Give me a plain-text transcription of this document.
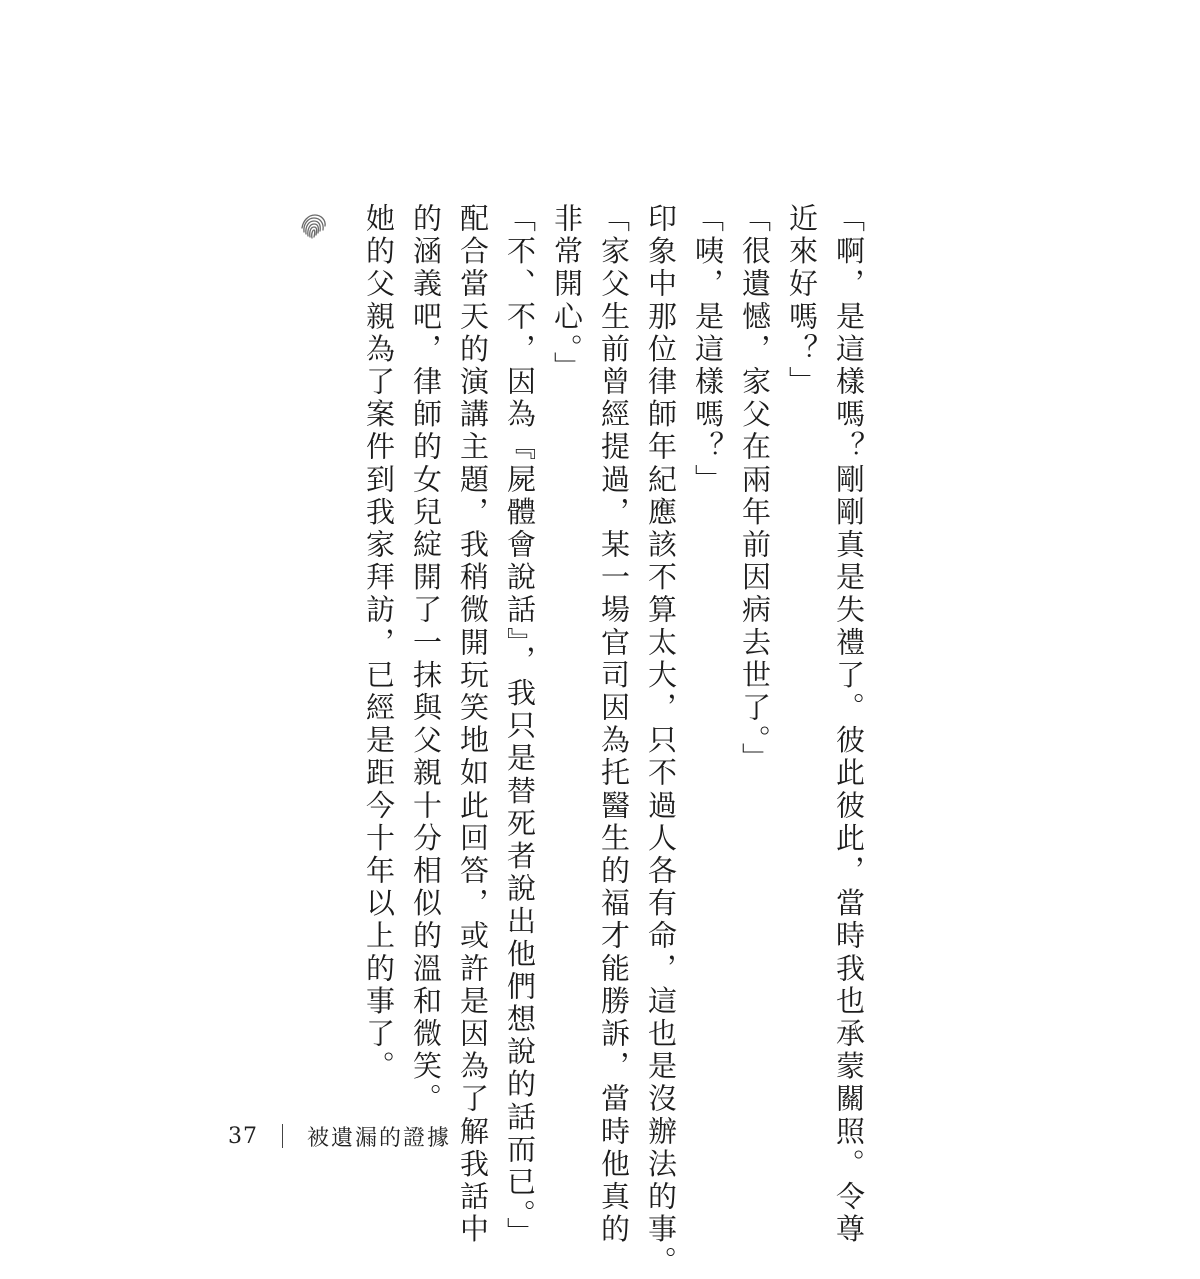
「啊，是這樣嗎？剛剛真是失禮了。彼此彼此，當時我也承蒙關照。令尊
近來好嗎？」
「很遺憾，家父在兩年前因病去世了。」
「咦，是這樣嗎？」
印象中那位律師年紀應該不算太大，只不過人各有命，這也是沒辦法的事。
「家父生前曾經提過，某一場官司因為托醫生的福才能勝訴，當時他真的
非常開心。」
「不、不，因為『屍體會說話』，我只是替死者說出他們想說的話而已。」
配合當天的演講主題，我稍微開玩笑地如此回答，或許是因為了解我話中
的涵義吧，律師的女兒綻開了一抹與父親十分相似的溫和微笑。
她的父親為了案件到我家拜訪，已經是距今十年以上的事了。
37 被遺漏的證據
